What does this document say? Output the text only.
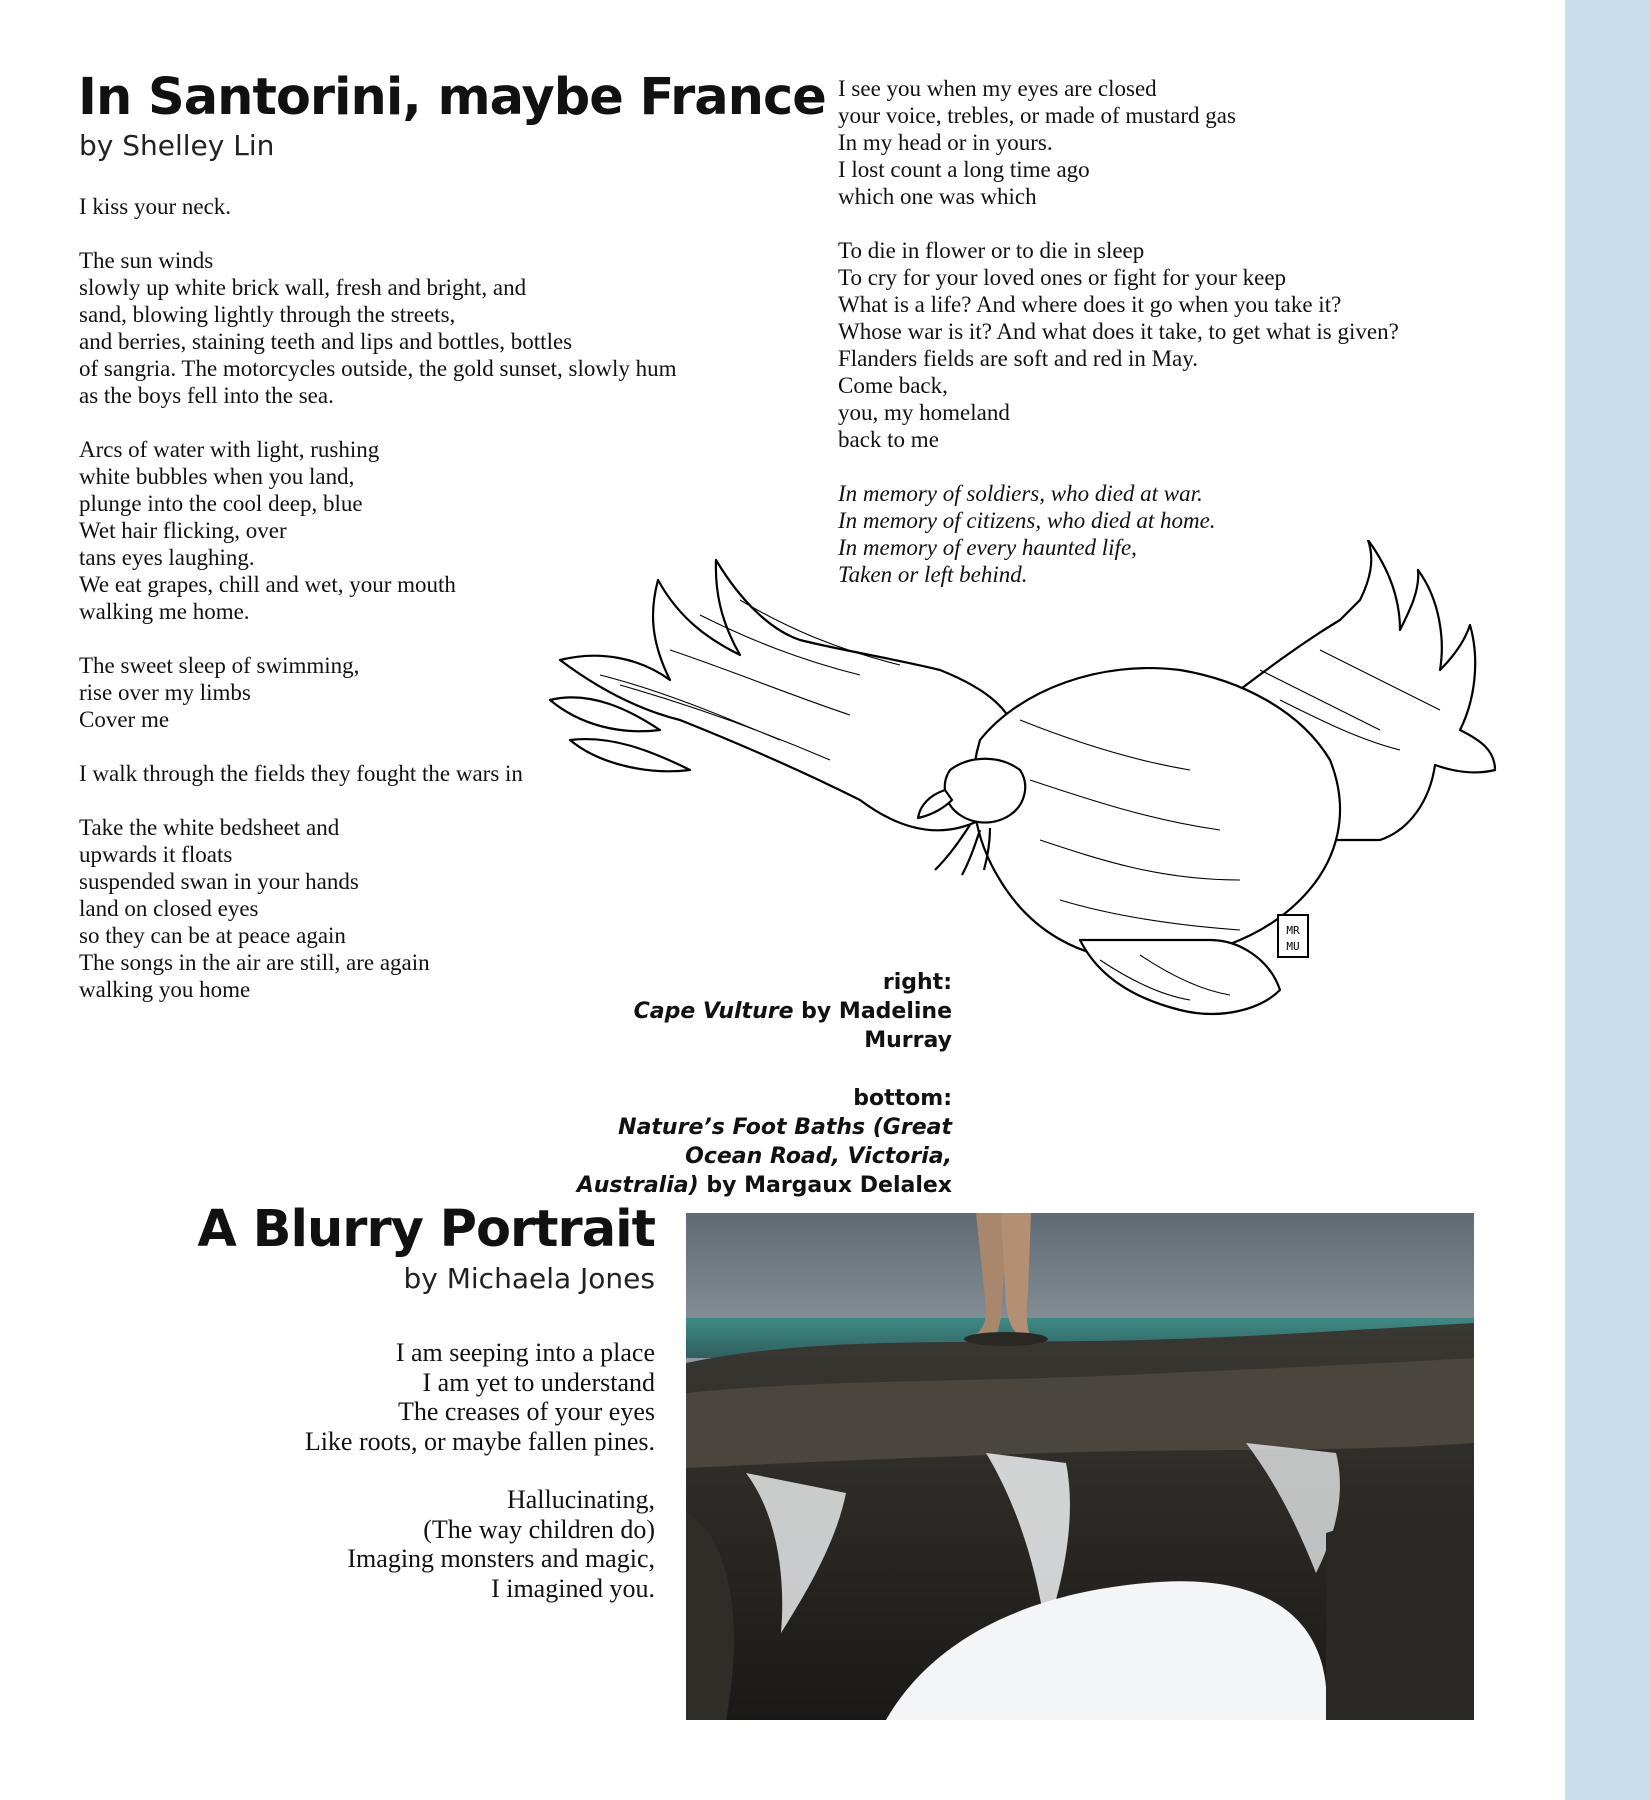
In Santorini, maybe France
by Shelley Lin
I kiss your neck.
The sun winds
slowly up white brick wall, fresh and bright, and
sand, blowing lightly through the streets,
and berries, staining teeth and lips and bottles, bottles
of sangria. The motorcycles outside, the gold sunset, slowly hum
as the boys fell into the sea.
Arcs of water with light, rushing
white bubbles when you land,
plunge into the cool deep, blue
Wet hair flicking, over
tans eyes laughing.
We eat grapes, chill and wet, your mouth
walking me home.
The sweet sleep of swimming,
rise over my limbs
Cover me
I walk through the fields they fought the wars in
Take the white bedsheet and
upwards it floats
suspended swan in your hands
land on closed eyes
so they can be at peace again
The songs in the air are still, are again
walking you home
I see you when my eyes are closed
your voice, trebles, or made of mustard gas
In my head or in yours.
I lost count a long time ago
which one was which
To die in flower or to die in sleep
To cry for your loved ones or fight for your keep
What is a life? And where does it go when you take it?
Whose war is it? And what does it take, to get what is given?
Flanders fields are soft and red in May.
Come back,
you, my homeland
back to me
In memory of soldiers, who died at war.
In memory of citizens, who died at home.
In memory of every haunted life,
Taken or left behind.
MR
MU
right:
Cape Vulture by Madeline Murray
bottom:
Nature’s Foot Baths (Great Ocean Road, Victoria, Australia) by Margaux Delalex
A Blurry Portrait
by Michaela Jones
I am seeping into a place
I am yet to understand
The creases of your eyes
Like roots, or maybe fallen pines.
Hallucinating,
(The way children do)
Imaging monsters and magic,
I imagined you.
